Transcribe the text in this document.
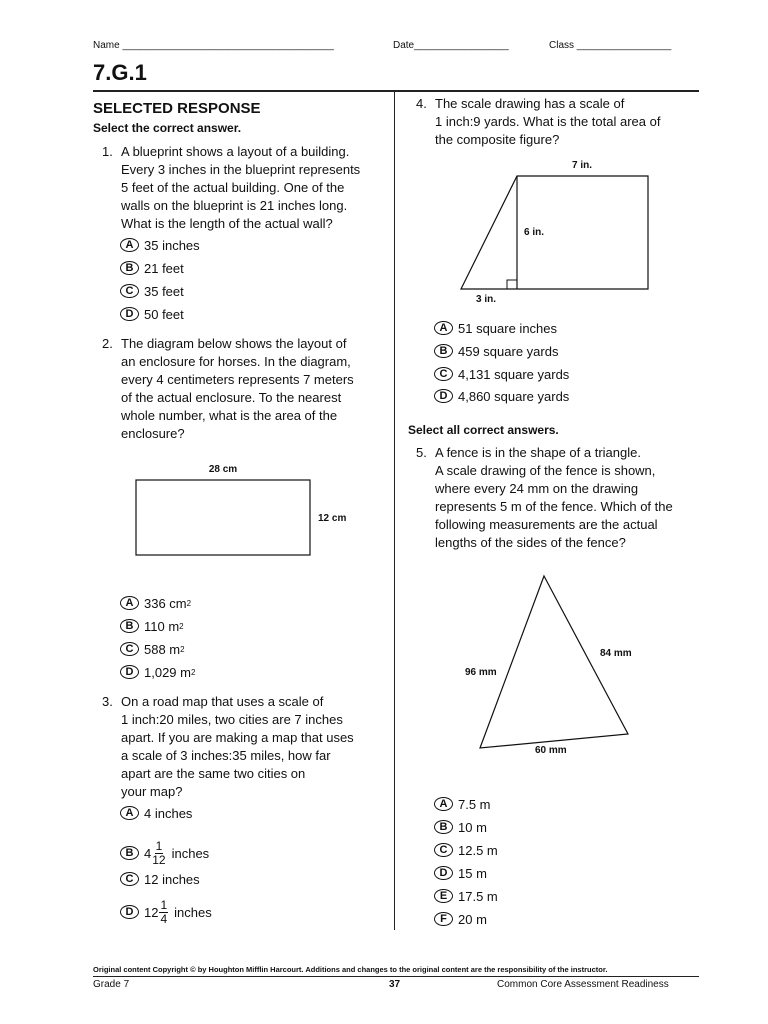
Name ______________________________________	Date_________________	Class _________________
7.G.1
SELECTED RESPONSE
Select the correct answer.
1. A blueprint shows a layout of a building.
Every 3 inches in the blueprint represents
5 feet of the actual building. One of the
walls on the blueprint is 21 inches long.
What is the length of the actual wall?
A 35 inches
B 21 feet
C 35 feet
D 50 feet
2. The diagram below shows the layout of
an enclosure for horses. In the diagram,
every 4 centimeters represents 7 meters
of the actual enclosure. To the nearest
whole number, what is the area of the
enclosure?
28 cm
12 cm
A 336 cm 2
B 110 m 2
C 588 m 2
D 1,029 m 2
3. On a road map that uses a scale of
1 inch:20 miles, two cities are 7 inches
apart. If you are making a map that uses
a scale of 3 inches:35 miles, how far
apart are the same two cities on
your map?
A 4 inches
B $4 \frac{1}{12}$ inches
C 12 inches
D $12 \frac{1}{4}$ inches
4. The scale drawing has a scale of
1 inch:9 yards. What is the total area of
the composite figure?
7 in.
6 in.
3 in.
A 51 square inches
B 459 square yards
C 4,131 square yards
D 4,860 square yards
Select all correct answers.
5. A fence is in the shape of a triangle.
A scale drawing of the fence is shown,
where every 24 mm on the drawing
represents 5 m of the fence. Which of the
following measurements are the actual
lengths of the sides of the fence?
96 mm
84 mm
60 mm
A 7.5 m
B 10 m
C 12.5 m
D 15 m
E 17.5 m
F 20 m
Original content Copyright © by Houghton Mifflin Harcourt. Additions and changes to the original content are the responsibility of the instructor.
Grade 7	37	Common Core Assessment Readiness
